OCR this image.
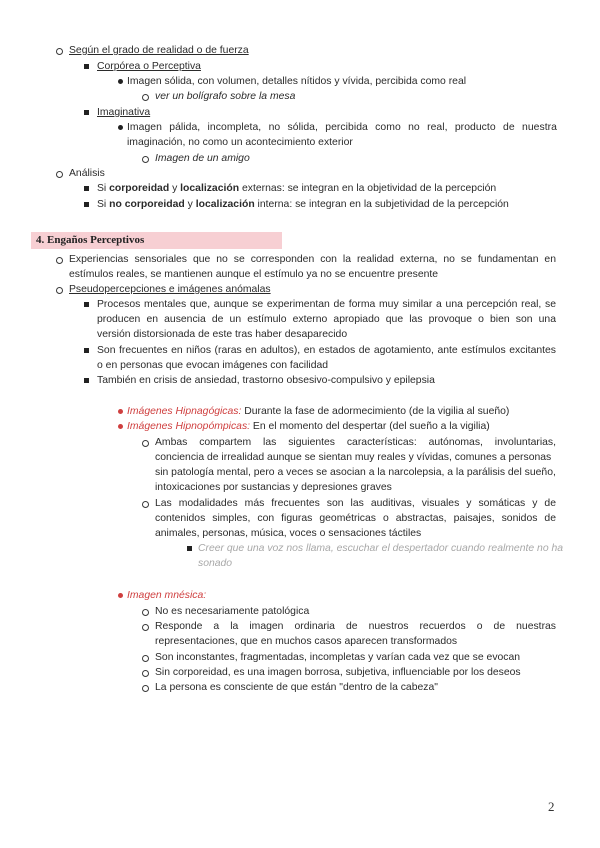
Según el grado de realidad o de fuerza
Corpórea o Perceptiva
Imagen sólida, con volumen, detalles nítidos y vívida, percibida como real
ver un bolígrafo sobre la mesa
Imaginativa
Imagen pálida, incompleta, no sólida, percibida como no real, producto de nuestra
imaginación, no como un acontecimiento exterior
Imagen de un amigo
Análisis
Si corporeidad y localización externas: se integran en la objetividad de la percepción
Si no corporeidad y localización interna: se integran en la subjetividad de la percepción
4. Engaños Perceptivos
Experiencias sensoriales que no se corresponden con la realidad externa, no se fundamentan en
estímulos reales, se mantienen aunque el estímulo ya no se encuentre presente
Pseudopercepciones e imágenes anómalas
Procesos mentales que, aunque se experimentan de forma muy similar a una percepción real, se
producen en ausencia de un estímulo externo apropiado que las provoque o bien son una
versión distorsionada de este tras haber desaparecido
Son frecuentes en niños (raras en adultos), en estados de agotamiento, ante estímulos excitantes
o en personas que evocan imágenes con facilidad
También en crisis de ansiedad, trastorno obsesivo-compulsivo y epilepsia
Imágenes Hipnagógicas: Durante la fase de adormecimiento (de la vigilia al sueño)
Imágenes Hipnopómpicas: En el momento del despertar (del sueño a la vigilia)
Ambas compartem las siguientes características: autónomas, involuntarias,
conciencia de irrealidad aunque se sientan muy reales y vívidas, comunes a personas
sin patología mental, pero a veces se asocian a la narcolepsia, a la parálisis del sueño,
intoxicaciones por sustancias y depresiones graves
Las modalidades más frecuentes son las auditivas, visuales y somáticas y de
contenidos simples, con figuras geométricas o abstractas, paisajes, sonidos de
animales, personas, música, voces o sensaciones táctiles
Creer que una voz nos llama, escuchar el despertador cuando realmente no ha
sonado
Imagen mnésica:
No es necesariamente patológica
Responde a la imagen ordinaria de nuestros recuerdos o de nuestras
representaciones, que en muchos casos aparecen transformados
Son inconstantes, fragmentadas, incompletas y varían cada vez que se evocan
Sin corporeidad, es una imagen borrosa, subjetiva, influenciable por los deseos
La persona es consciente de que están "dentro de la cabeza"
2
